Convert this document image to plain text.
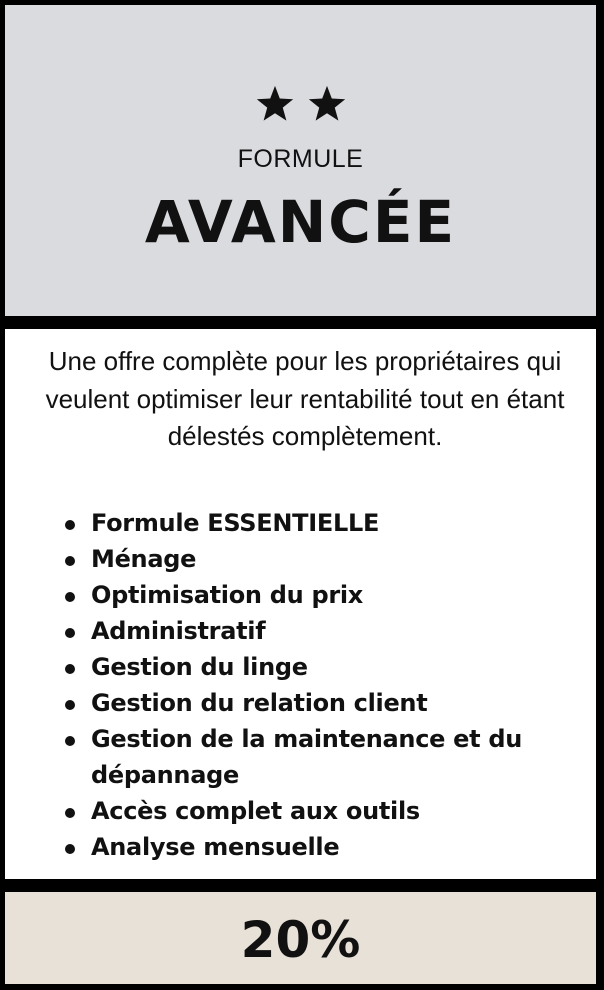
FORMULE
AVANCÉE
Une offre complète pour les propriétaires qui veulent optimiser leur rentabilité tout en étant délestés complètement.
Formule ESSENTIELLE
Ménage
Optimisation du prix
Administratif
Gestion du linge
Gestion du relation client
Gestion de la maintenance et du dépannage
Accès complet aux outils
Analyse mensuelle
20%
